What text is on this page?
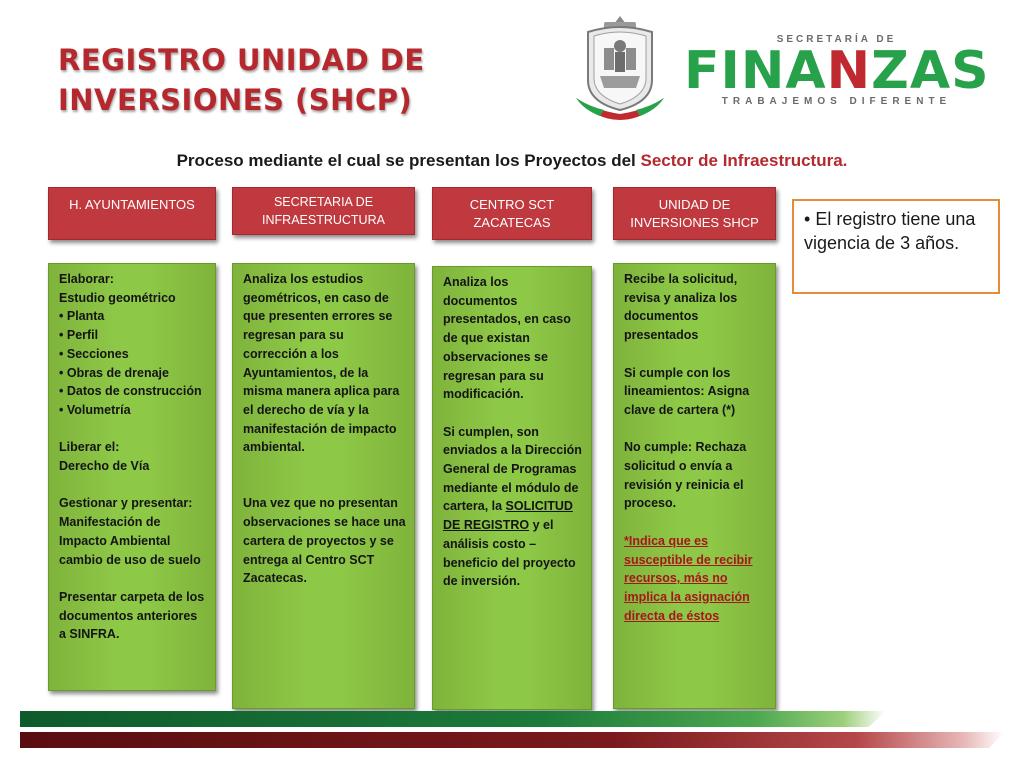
REGISTRO UNIDAD DE
INVERSIONES (SHCP)
SECRETARÍA DE
FINANZAS
TRABAJEMOS DIFERENTE
Proceso mediante el cual se presentan los Proyectos del Sector de Infraestructura.
H. AYUNTAMIENTOS	SECRETARIA DE INFRAESTRUCTURA
CENTRO SCT ZACATECAS
UNIDAD DE INVERSIONES SHCP

Elaborar:

Estudio geométrico

• Planta
• Perfil
• Secciones
• Obras de drenaje
• Datos de construcción
• Volumetría

Liberar el:

Derecho de Vía

Gestionar y presentar: Manifestación de Impacto Ambiental cambio de uso de suelo

Presentar carpeta de los documentos anteriores a SINFRA.

Analiza los estudios geométricos, en caso de que presenten errores se regresan para su corrección a los Ayuntamientos, de la misma manera aplica para el derecho de vía y la manifestación de impacto ambiental.

Una vez que no presentan observaciones se hace una cartera de proyectos y se entrega al Centro SCT Zacatecas.

Analiza los documentos presentados, en caso de que existan observaciones se regresan para su modificación.

Si cumplen, son enviados a la Dirección General de Programas mediante el módulo de cartera, la SOLICITUD DE REGISTRO y el análisis costo – beneficio del proyecto de inversión.

Recibe la solicitud, revisa y analiza los documentos presentados

Si cumple con los lineamientos: Asigna clave de cartera (*)

No cumple: Rechaza solicitud o envía a revisión y reinicia el proceso.

*Indica que es susceptible de recibir recursos, más no implica la asignación directa de éstos

• El registro tiene una vigencia de 3 años.
